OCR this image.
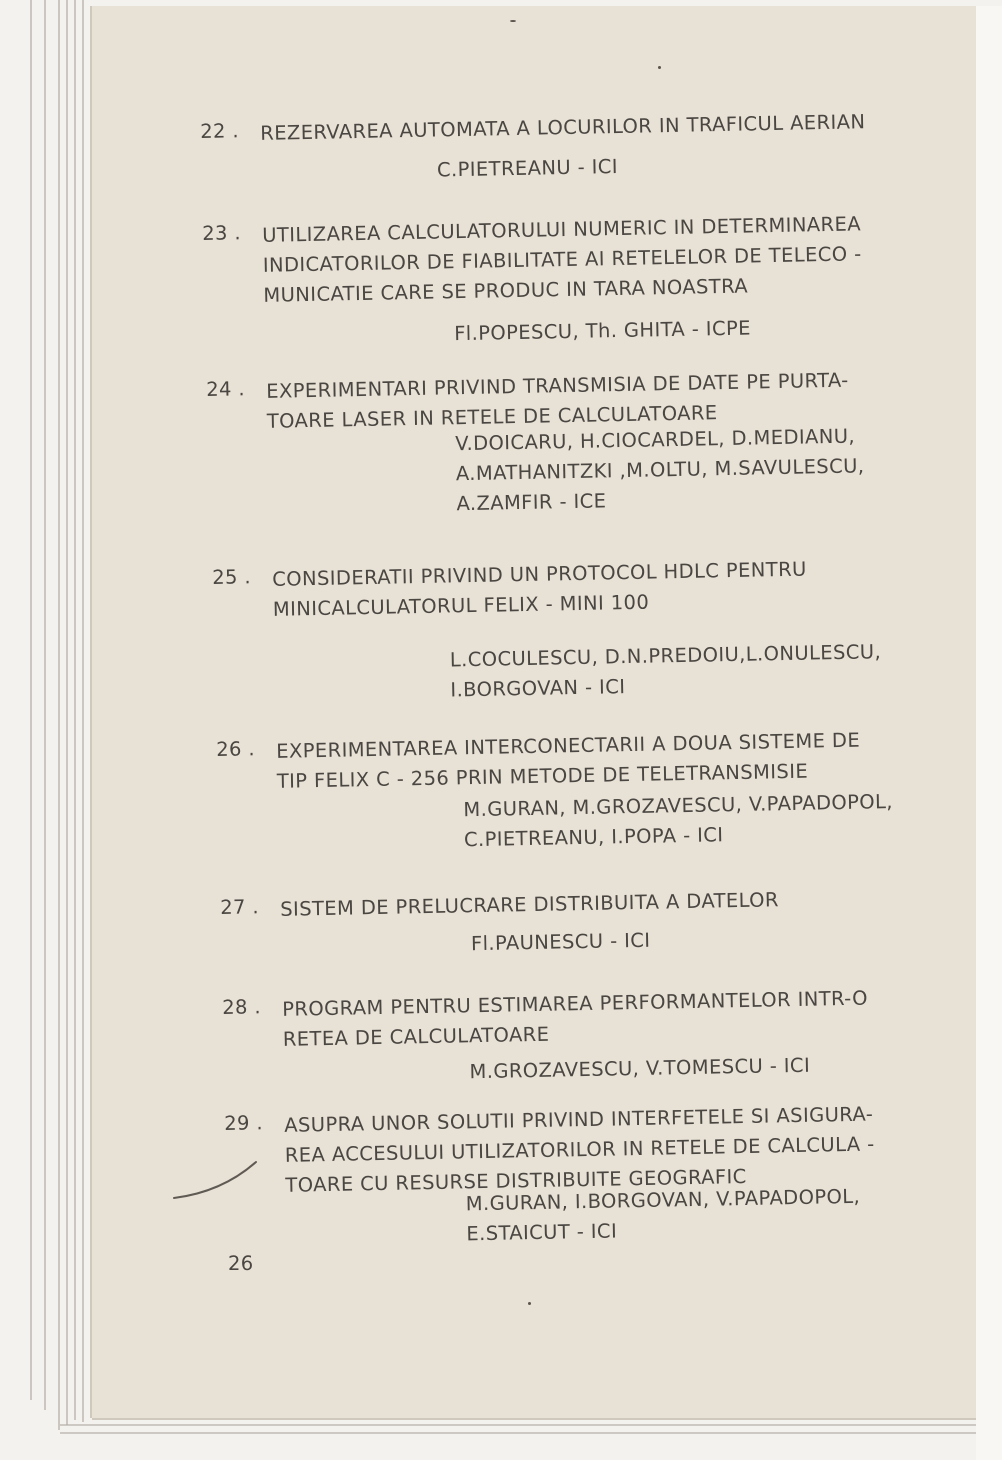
22 . REZERVAREA AUTOMATA A LOCURILOR IN TRAFICUL AERIAN
C.PIETREANU - ICI
23 . UTILIZAREA CALCULATORULUI NUMERIC IN DETERMINAREA
INDICATORILOR DE FIABILITATE AI RETELELOR DE TELECO -
MUNICATIE CARE SE PRODUC IN TARA NOASTRA
Fl.POPESCU, Th. GHITA - ICPE
24 . EXPERIMENTARI PRIVIND TRANSMISIA DE DATE PE PURTA-
TOARE LASER IN RETELE DE CALCULATOARE
V.DOICARU, H.CIOCARDEL, D.MEDIANU,
A.MATHANITZKI ,M.OLTU, M.SAVULESCU,
A.ZAMFIR - ICE
25 . CONSIDERATII PRIVIND UN PROTOCOL HDLC PENTRU
MINICALCULATORUL FELIX - MINI 100
L.COCULESCU, D.N.PREDOIU,L.ONULESCU,
I.BORGOVAN - ICI
26 . EXPERIMENTAREA INTERCONECTARII A DOUA SISTEME DE
TIP FELIX C - 256 PRIN METODE DE TELETRANSMISIE
M.GURAN, M.GROZAVESCU, V.PAPADOPOL,
C.PIETREANU, I.POPA - ICI
27 . SISTEM DE PRELUCRARE DISTRIBUITA A DATELOR
Fl.PAUNESCU - ICI
28 . PROGRAM PENTRU ESTIMAREA PERFORMANTELOR INTR-O
RETEA DE CALCULATOARE
M.GROZAVESCU, V.TOMESCU - ICI
29 . ASUPRA UNOR SOLUTII PRIVIND INTERFETELE SI ASIGURA-
REA ACCESULUI UTILIZATORILOR IN RETELE DE CALCULA -
TOARE CU RESURSE DISTRIBUITE GEOGRAFIC
M.GURAN, I.BORGOVAN, V.PAPADOPOL,
E.STAICUT - ICI
26
